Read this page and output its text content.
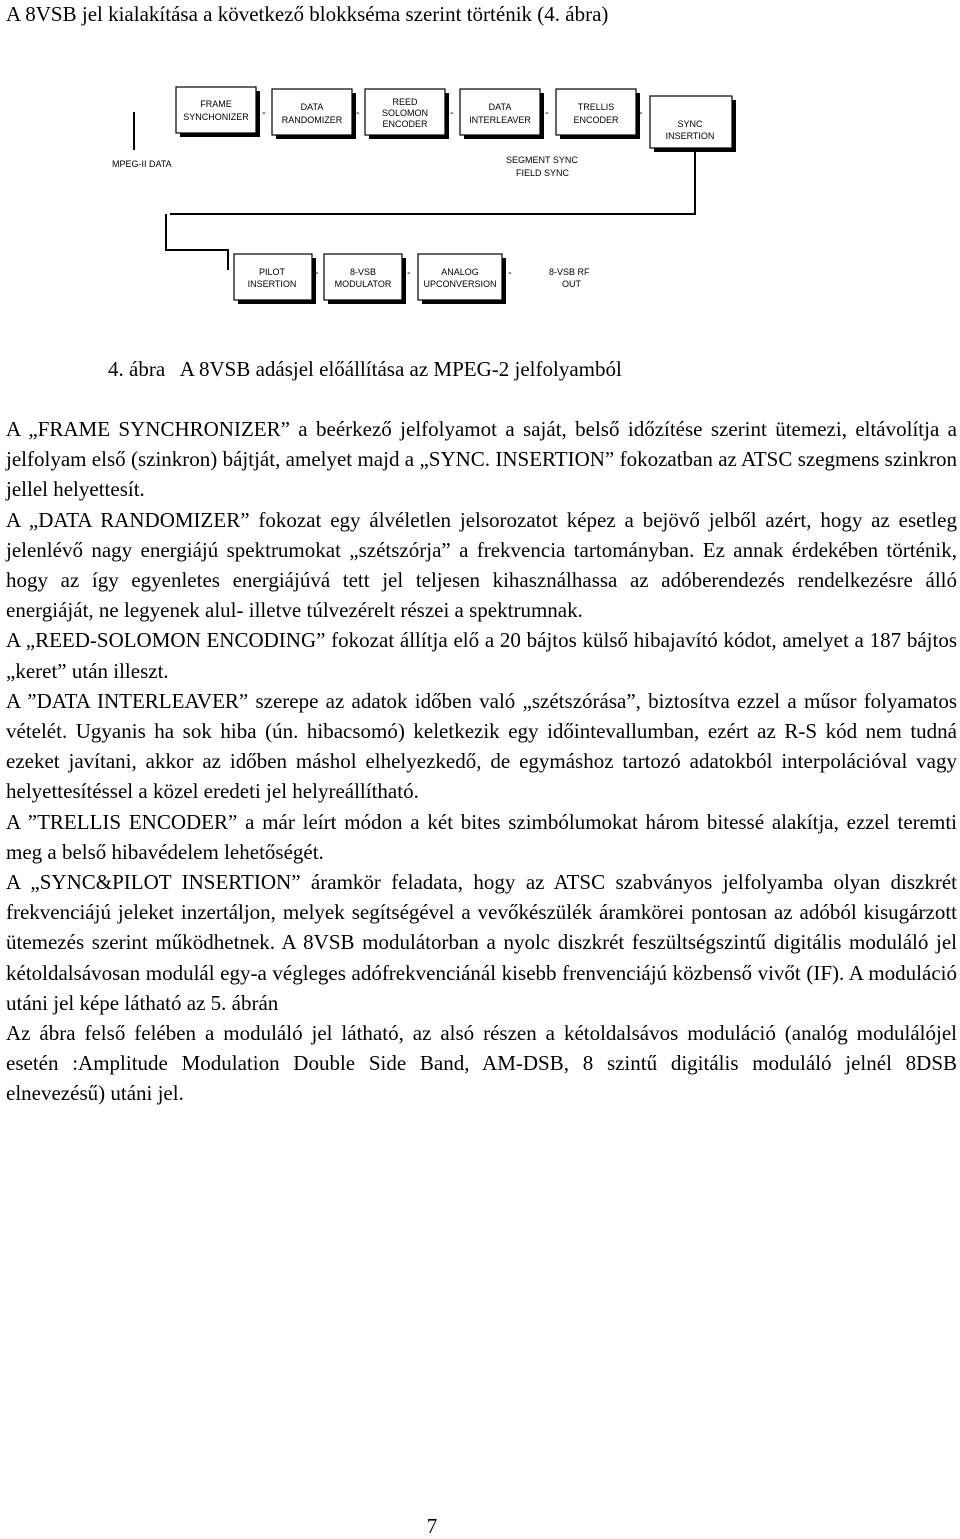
A 8VSB jel kialakítása a következő blokkséma szerint történik (4. ábra)
FRAME
SYNCHONIZER -	DATA
RANDOMIZER
-
REED
SOLOMON
ENCODER
-	DATA
INTERLEAVER
-	TRELLIS
ENCODER
-
SYNC
INSERTION
MPEG-II DATA	SEGMENT SYNC
FIELD SYNC
PILOT
INSERTION
-	8-VSB
MODULATOR
-	ANALOG
UPCONVERSION
-	8-VSB RF
OUT
4. ábra   A 8VSB adásjel előállítása az MPEG-2 jelfolyamból

A „FRAME SYNCHRONIZER” a beérkező jelfolyamot a saját, belső időzítése szerint ütemezi, eltávolítja a jelfolyam első (szinkron) bájtját, amelyet majd a „SYNC. INSERTION” fokozatban az ATSC szegmens szinkron jellel helyettesít.

A „DATA RANDOMIZER” fokozat egy álvéletlen jelsorozatot képez a bejövő jelből azért, hogy az esetleg jelenlévő nagy energiájú spektrumokat „szétszórja” a frekvencia tartományban. Ez annak érdekében történik, hogy az így egyenletes energiájúvá tett jel teljesen kihasználhassa az adóberendezés rendelkezésre álló energiáját, ne legyenek alul- illetve túlvezérelt részei a spektrumnak.

A „REED-SOLOMON ENCODING” fokozat állítja elő a 20 bájtos külső hibajavító kódot, amelyet a 187 bájtos „keret” után illeszt.

A ”DATA INTERLEAVER” szerepe az adatok időben való „szétszórása”, biztosítva ezzel a műsor folyamatos vételét. Ugyanis ha sok hiba (ún. hibacsomó) keletkezik egy időintevallumban, ezért az R-S kód nem tudná ezeket javítani, akkor az időben máshol elhelyezkedő, de egymáshoz tartozó adatokból interpolációval vagy helyettesítéssel a közel eredeti jel helyreállítható.

A ”TRELLIS ENCODER” a már leírt módon a két bites szimbólumokat három bitessé alakítja, ezzel teremti meg a belső hibavédelem lehetőségét.

A „SYNC&PILOT INSERTION” áramkör feladata, hogy az ATSC szabványos jelfolyamba olyan diszkrét frekvenciájú jeleket inzertáljon, melyek segítségével a vevőkészülék áramkörei pontosan az adóból kisugárzott ütemezés szerint működhetnek. A 8VSB modulátorban a nyolc diszkrét feszültségszintű digitális moduláló jel kétoldalsávosan modulál egy-a végleges adófrekvenciánál kisebb frenvenciájú közbenső vivőt (IF). A moduláció utáni jel képe látható az 5. ábrán

Az ábra felső felében a moduláló jel látható, az alsó részen a kétoldalsávos moduláció (analóg modulálójel esetén :Amplitude Modulation Double Side Band, AM-DSB, 8 szintű digitális moduláló jelnél 8DSB elnevezésű) utáni jel.

7
